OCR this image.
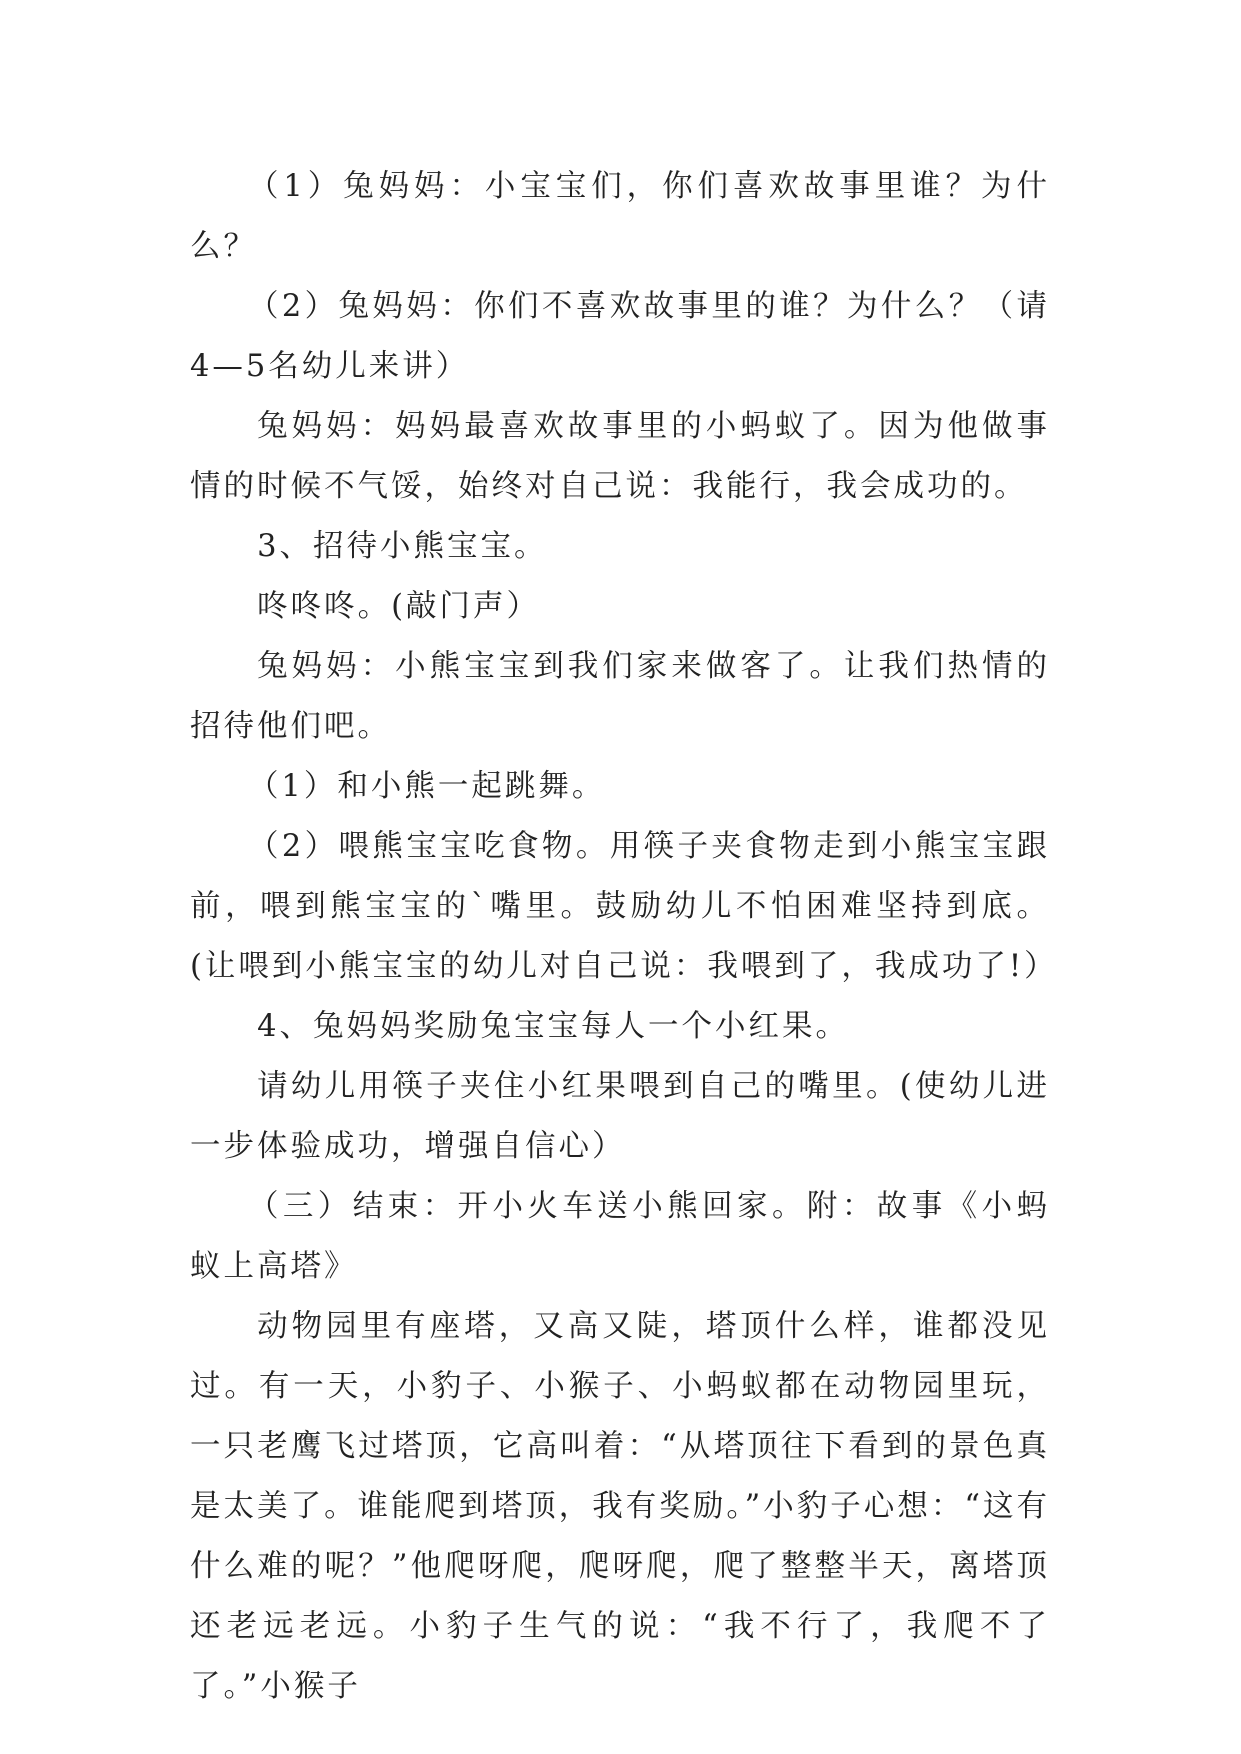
（1）兔妈妈：小宝宝们，你们喜欢故事里谁？为什么？

（2）兔妈妈：你们不喜欢故事里的谁？为什么？（请4—5名幼儿来讲）

兔妈妈：妈妈最喜欢故事里的小蚂蚁了。因为他做事情的时候不气馁，始终对自己说：我能行，我会成功的。

3、招待小熊宝宝。

咚咚咚。(敲门声）

兔妈妈：小熊宝宝到我们家来做客了。让我们热情的招待他们吧。

（1）和小熊一起跳舞。

（2）喂熊宝宝吃食物。用筷子夹食物走到小熊宝宝跟前，喂到熊宝宝的`嘴里。鼓励幼儿不怕困难坚持到底。(让喂到小熊宝宝的幼儿对自己说：我喂到了，我成功了!）

4、兔妈妈奖励兔宝宝每人一个小红果。

请幼儿用筷子夹住小红果喂到自己的嘴里。(使幼儿进一步体验成功，增强自信心）

（三）结束：开小火车送小熊回家。附：故事《小蚂蚁上高塔》

动物园里有座塔，又高又陡，塔顶什么样，谁都没见过。有一天，小豹子、小猴子、小蚂蚁都在动物园里玩，一只老鹰飞过塔顶，它高叫着：“从塔顶往下看到的景色真是太美了。谁能爬到塔顶，我有奖励。”小豹子心想：“这有什么难的呢？”他爬呀爬，爬呀爬，爬了整整半天，离塔顶还老远老远。小豹子生气的说：“我不行了，我爬不了了。”小猴子
